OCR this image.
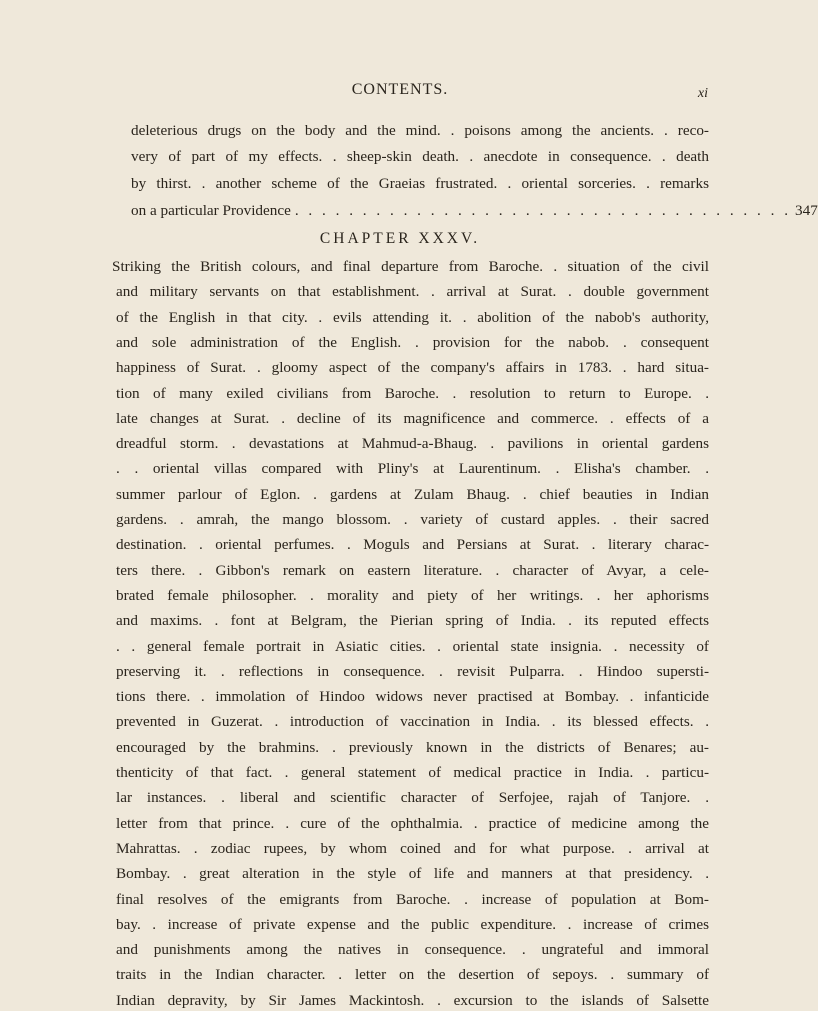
CONTENTS.	xi
deleterious drugs on the body and the mind. . poisons among the ancients. . reco-
very of part of my effects. . sheep-skin death. . anecdote in consequence. . death
by thirst. . another scheme of the Graeias frustrated. . oriental sorceries. . remarks
on a particular Providence . . . . . . . . . . . . . . . . . . . . . . . . . . . . . . . . . . . . . 347
CHAPTER XXXV.
Striking the British colours, and final departure from Baroche. . situation of the civil
and military servants on that establishment. . arrival at Surat. . double government
of the English in that city. . evils attending it. . abolition of the nabob's authority,
and sole administration of the English. . provision for the nabob. . consequent
happiness of Surat. . gloomy aspect of the company's affairs in 1783. . hard situa-
tion of many exiled civilians from Baroche. . resolution to return to Europe. .
late changes at Surat. . decline of its magnificence and commerce. . effects of a
dreadful storm. . devastations at Mahmud-a-Bhaug. . pavilions in oriental gardens
. . oriental villas compared with Pliny's at Laurentinum. . Elisha's chamber. .
summer parlour of Eglon. . gardens at Zulam Bhaug. . chief beauties in Indian
gardens. . amrah, the mango blossom. . variety of custard apples. . their sacred
destination. . oriental perfumes. . Moguls and Persians at Surat. . literary charac-
ters there. . Gibbon's remark on eastern literature. . character of Avyar, a cele-
brated female philosopher. . morality and piety of her writings. . her aphorisms
and maxims. . font at Belgram, the Pierian spring of India. . its reputed effects
. . general female portrait in Asiatic cities. . oriental state insignia. . necessity of
preserving it. . reflections in consequence. . revisit Pulparra. . Hindoo supersti-
tions there. . immolation of Hindoo widows never practised at Bombay. . infanticide
prevented in Guzerat. . introduction of vaccination in India. . its blessed effects. .
encouraged by the brahmins. . previously known in the districts of Benares; au-
thenticity of that fact. . general statement of medical practice in India. . particu-
lar instances. . liberal and scientific character of Serfojee, rajah of Tanjore. .
letter from that prince. . cure of the ophthalmia. . practice of medicine among the
Mahrattas. . zodiac rupees, by whom coined and for what purpose. . arrival at
Bombay. . great alteration in the style of life and manners at that presidency. .
final resolves of the emigrants from Baroche. . increase of population at Bom-
bay. . increase of private expense and the public expenditure. . increase of crimes
and punishments among the natives in consequence. . ungrateful and immoral
traits in the Indian character. . letter on the desertion of sepoys. . summary of
Indian depravity, by Sir James Mackintosh. . excursion to the islands of Salsette
